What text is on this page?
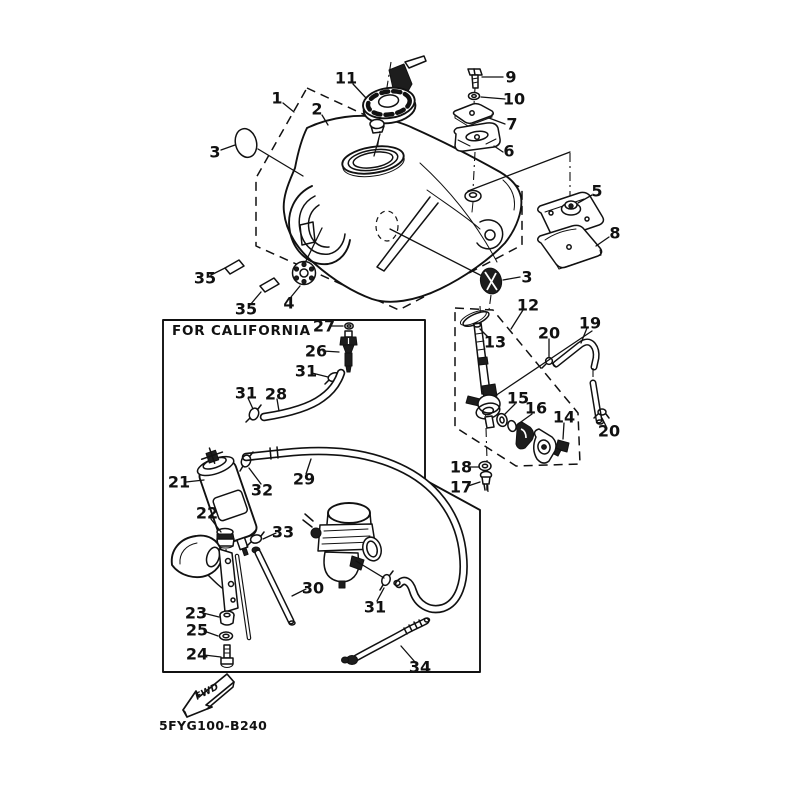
FOR CALIFORNIA
FWD
5FYG100-B240
1
2
3
3
4
5
6
7
8
9
10
11
12
13
14
15
16
17
18
19
20
20
21
22
23
24
25
26
27
28
29
30
31
31
31
32
33
34
35
35
